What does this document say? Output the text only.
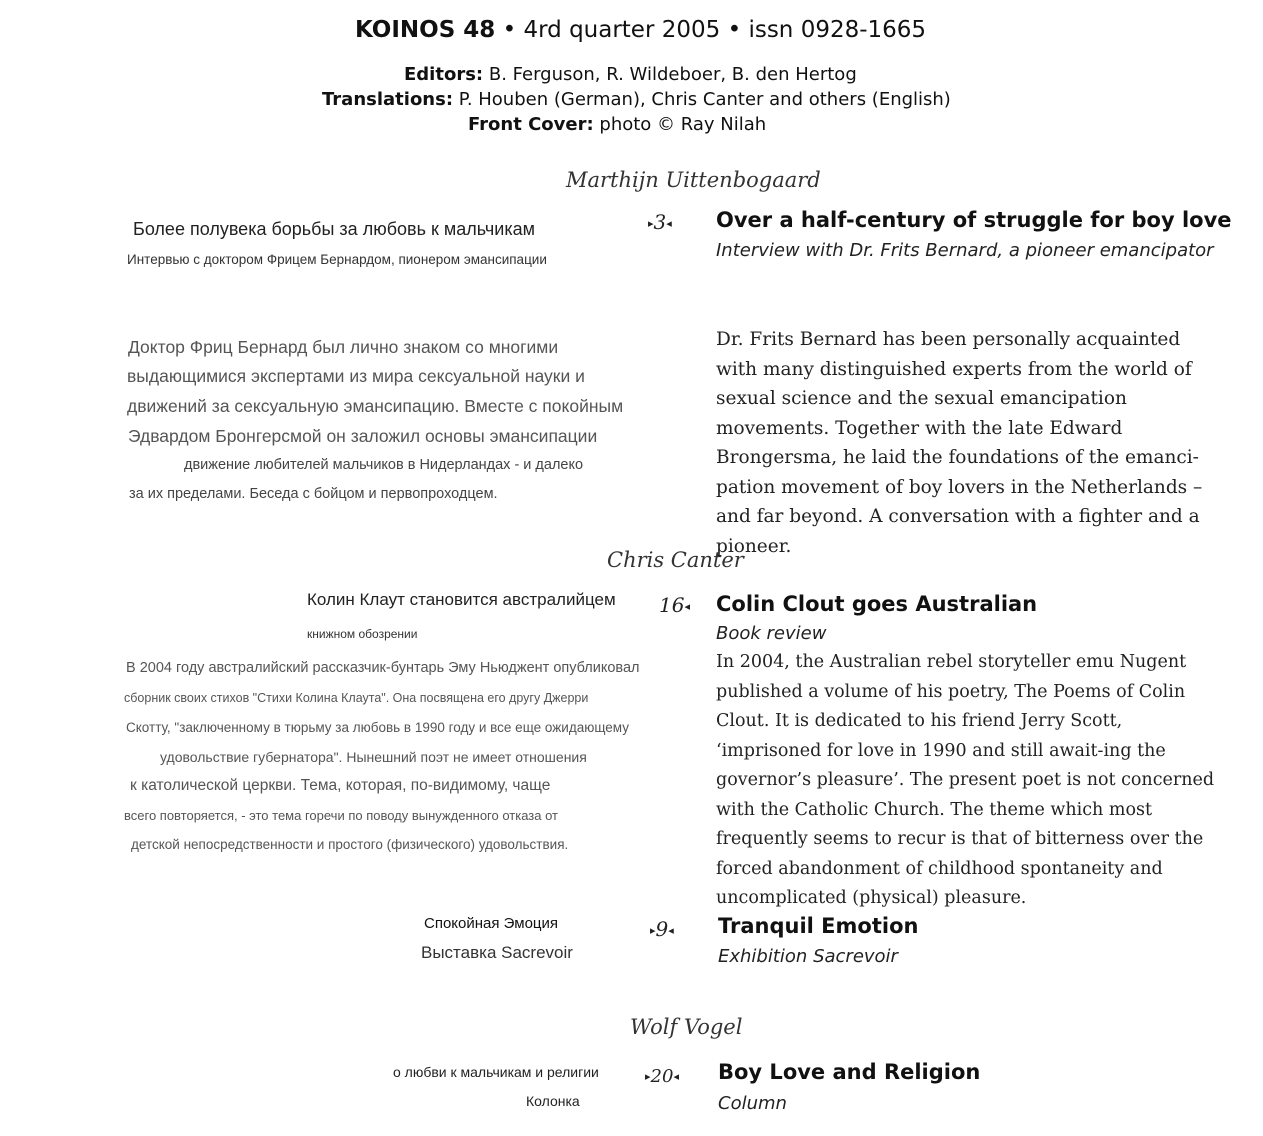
KOINOS 48 • 4rd quarter 2005 • issn 0928-1665
Editors: B. Ferguson, R. Wildeboer, B. den Hertog
Translations: P. Houben (German), Chris Canter and others (English)
Front Cover: photo © Ray Nilah
Marthijn Uittenbogaard
Более полувека борьбы за любовь к мальчикам
Интервью с доктором Фрицем Бернардом, пионером эмансипации
▸3◂ Over a half-century of struggle for boy love
Interview with Dr. Frits Bernard, a pioneer emancipator
Dr. Frits Bernard has been personally acquainted with many distinguished experts from the world of sexual science and the sexual emancipation movements. Together with the late Edward Brongersma, he laid the foundations of the emanci-pation movement of boy lovers in the Netherlands – and far beyond. A conversation with a fighter and a pioneer.
Доктор Фриц Бернард был лично знаком со многими
выдающимися экспертами из мира сексуальной науки и
движений за сексуальную эмансипацию. Вместе с покойным
Эдвардом Бронгерсмой он заложил основы эмансипации
движение любителей мальчиков в Нидерландах - и далеко
за их пределами. Беседа с бойцом и первопроходцем.
Chris Canter
Колин Клаут становится австралийцем
книжном обозрении
16◂ Colin Clout goes Australian
Book review
In 2004, the Australian rebel storyteller emu Nugent published a volume of his poetry, The Poems of Colin Clout. It is dedicated to his friend Jerry Scott, ‘imprisoned for love in 1990 and still await-ing the governor’s pleasure’. The present poet is not concerned with the Catholic Church. The theme which most frequently seems to recur is that of bitterness over the forced abandonment of childhood spontaneity and uncomplicated (physical) pleasure.
В 2004 году австралийский рассказчик-бунтарь Эму Ньюджент опубликовал
сборник своих стихов "Стихи Колина Клаута". Она посвящена его другу Джерри
Скотту, "заключенному в тюрьму за любовь в 1990 году и все еще ожидающему
удовольствие губернатора". Нынешний поэт не имеет отношения
к католической церкви. Тема, которая, по-видимому, чаще
всего повторяется, - это тема горечи по поводу вынужденного отказа от
детской непосредственности и простого (физического) удовольствия.
Спокойная Эмоция
Выставка Sacrevoir
▸9◂ Tranquil Emotion
Exhibition Sacrevoir
Wolf Vogel
о любви к мальчикам и религии
Колонка
▸20◂ Boy Love and Religion
Column
